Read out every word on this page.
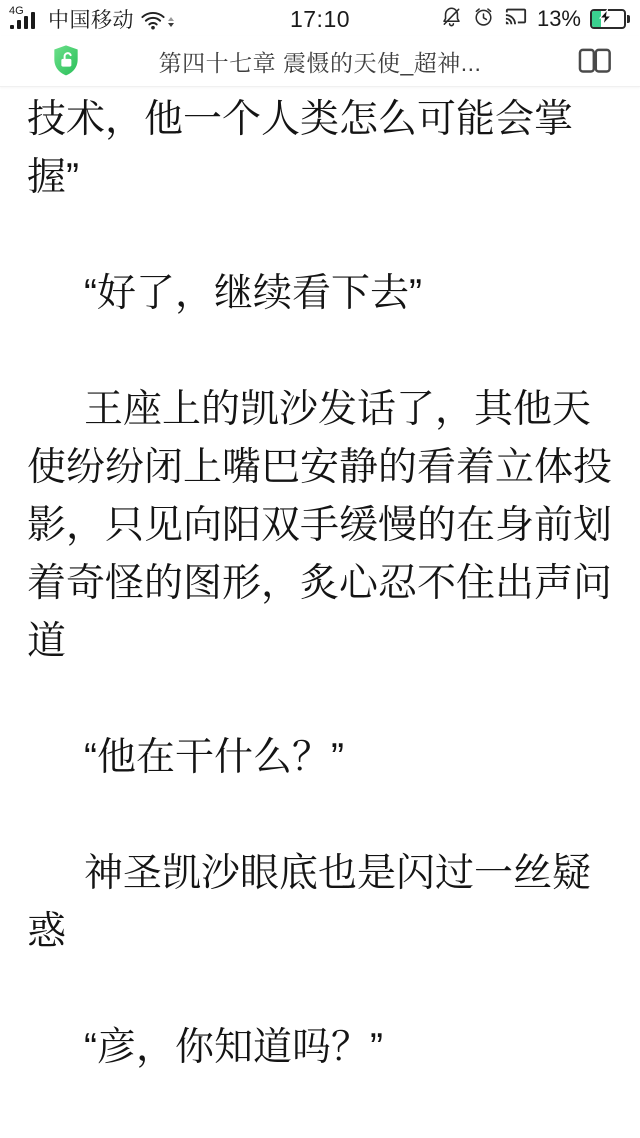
4G 中国移动	17:10	13%
第四十七章 震慑的天使_超神...
技术，他一个人类怎么可能会掌
握”
“好了，继续看下去”
王座上的凯沙发话了，其他天
使纷纷闭上嘴巴安静的看着立体投
影，只见向阳双手缓慢的在身前划
着奇怪的图形，炙心忍不住出声问
道
“他在干什么？”
神圣凯沙眼底也是闪过一丝疑
惑
“彦，你知道吗？”
